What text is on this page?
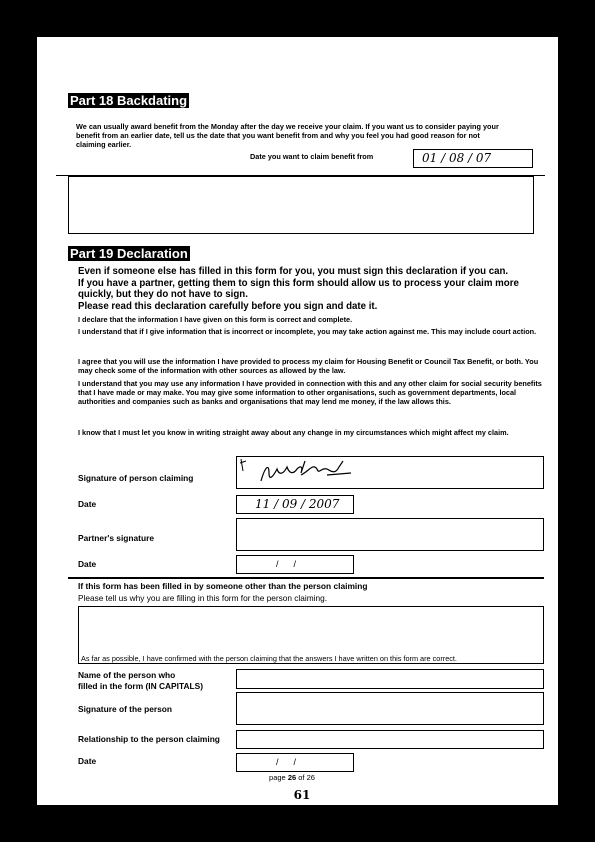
Part 18 Backdating
We can usually award benefit from the Monday after the day we receive your claim. If you want us to consider paying your benefit from an earlier date, tell us the date that you want benefit from and why you feel you had good reason for not claiming earlier.
Date you want to claim benefit from	01 / 08 / 07
Part 19 Declaration
Even if someone else has filled in this form for you, you must sign this declaration if you can.
If you have a partner, getting them to sign this form should allow us to process your claim more quickly, but they do not have to sign.
Please read this declaration carefully before you sign and date it.
I declare that the information I have given on this form is correct and complete.
I understand that if I give information that is incorrect or incomplete, you may take action against me. This may include court action.
I agree that you will use the information I have provided to process my claim for Housing Benefit or Council Tax Benefit, or both. You may check some of the information with other sources as allowed by the law.
I understand that you may use any information I have provided in connection with this and any other claim for social security benefits that I have made or may make. You may give some information to other organisations, such as government departments, local authorities and companies such as banks and organisations that may lend me money, if the law allows this.
I know that I must let you know in writing straight away about any change in my circumstances which might affect my claim.
Signature of person claiming
Date	11 / 09 / 2007
Partner's signature
Date	/      /
If this form has been filled in by someone other than the person claiming
Please tell us why you are filling in this form for the person claiming.
As far as possible, I have confirmed with the person claiming that the answers I have written on this form are correct.
Name of the person who
filled in the form (IN CAPITALS)
Signature of the person
Relationship to the person claiming
Date	/      /
page 26 of 26
61
